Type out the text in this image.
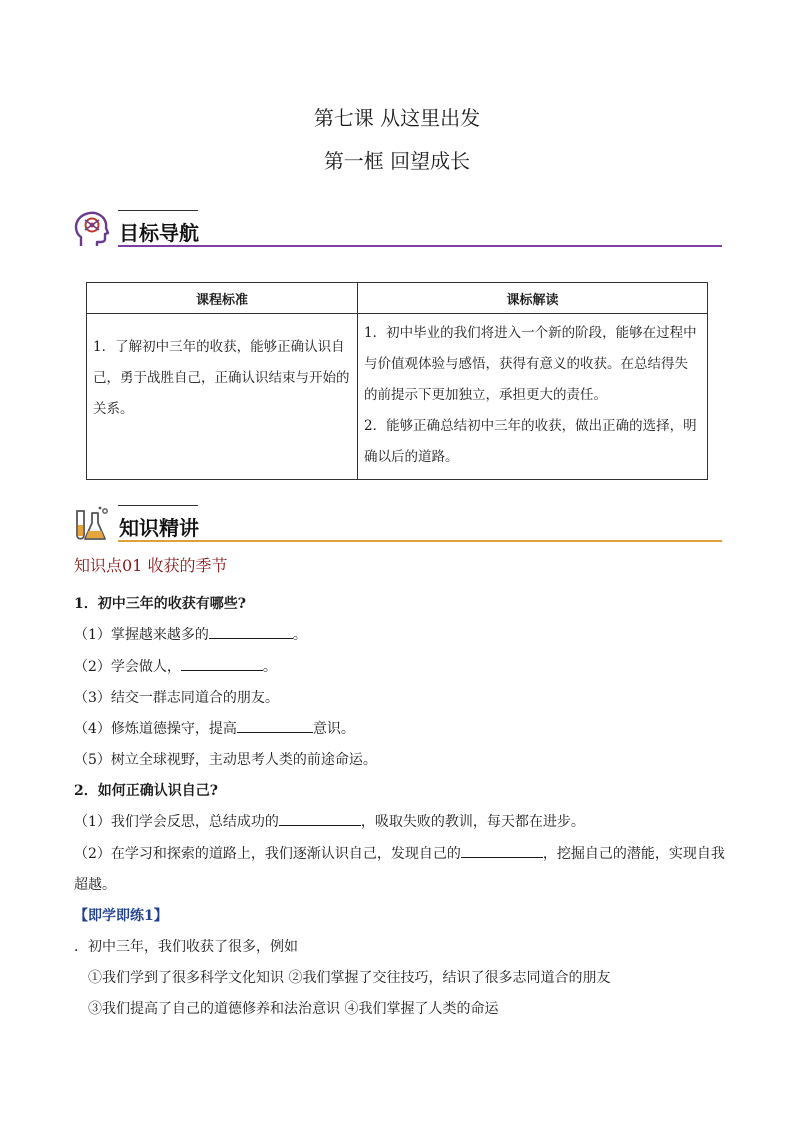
第七课 从这里出发
第一框 回望成长
目标导航
课程标准	课标解读

1．了解初中三年的收获，能够正确认识自己，勇于战胜自己，正确认识结束与开始的关系。	1．初中毕业的我们将进入一个新的阶段，能够在过程中与价值观体验与感悟，获得有意义的收获。在总结得失的前提示下更加独立，承担更大的责任。

2．能够正确总结初中三年的收获，做出正确的选择，明确以后的道路。

知识精讲
知识点01 收获的季节
1．初中三年的收获有哪些?
（1）掌握越来越多的	。
（2）学会做人，	。
（3）结交一群志同道合的朋友。
（4）修炼道德操守，提高	意识。
（5）树立全球视野，主动思考人类的前途命运。
2．如何正确认识自己?
（1）我们学会反思，总结成功的	，吸取失败的教训，每天都在进步。
（2）在学习和探索的道路上，我们逐渐认识自己，发现自己的	，挖掘自己的潜能，实现自我
超越。
【即学即练1】
．初中三年，我们收获了很多，例如
①我们学到了很多科学文化知识 ②我们掌握了交往技巧，结识了很多志同道合的朋友
③我们提高了自己的道德修养和法治意识 ④我们掌握了人类的命运
